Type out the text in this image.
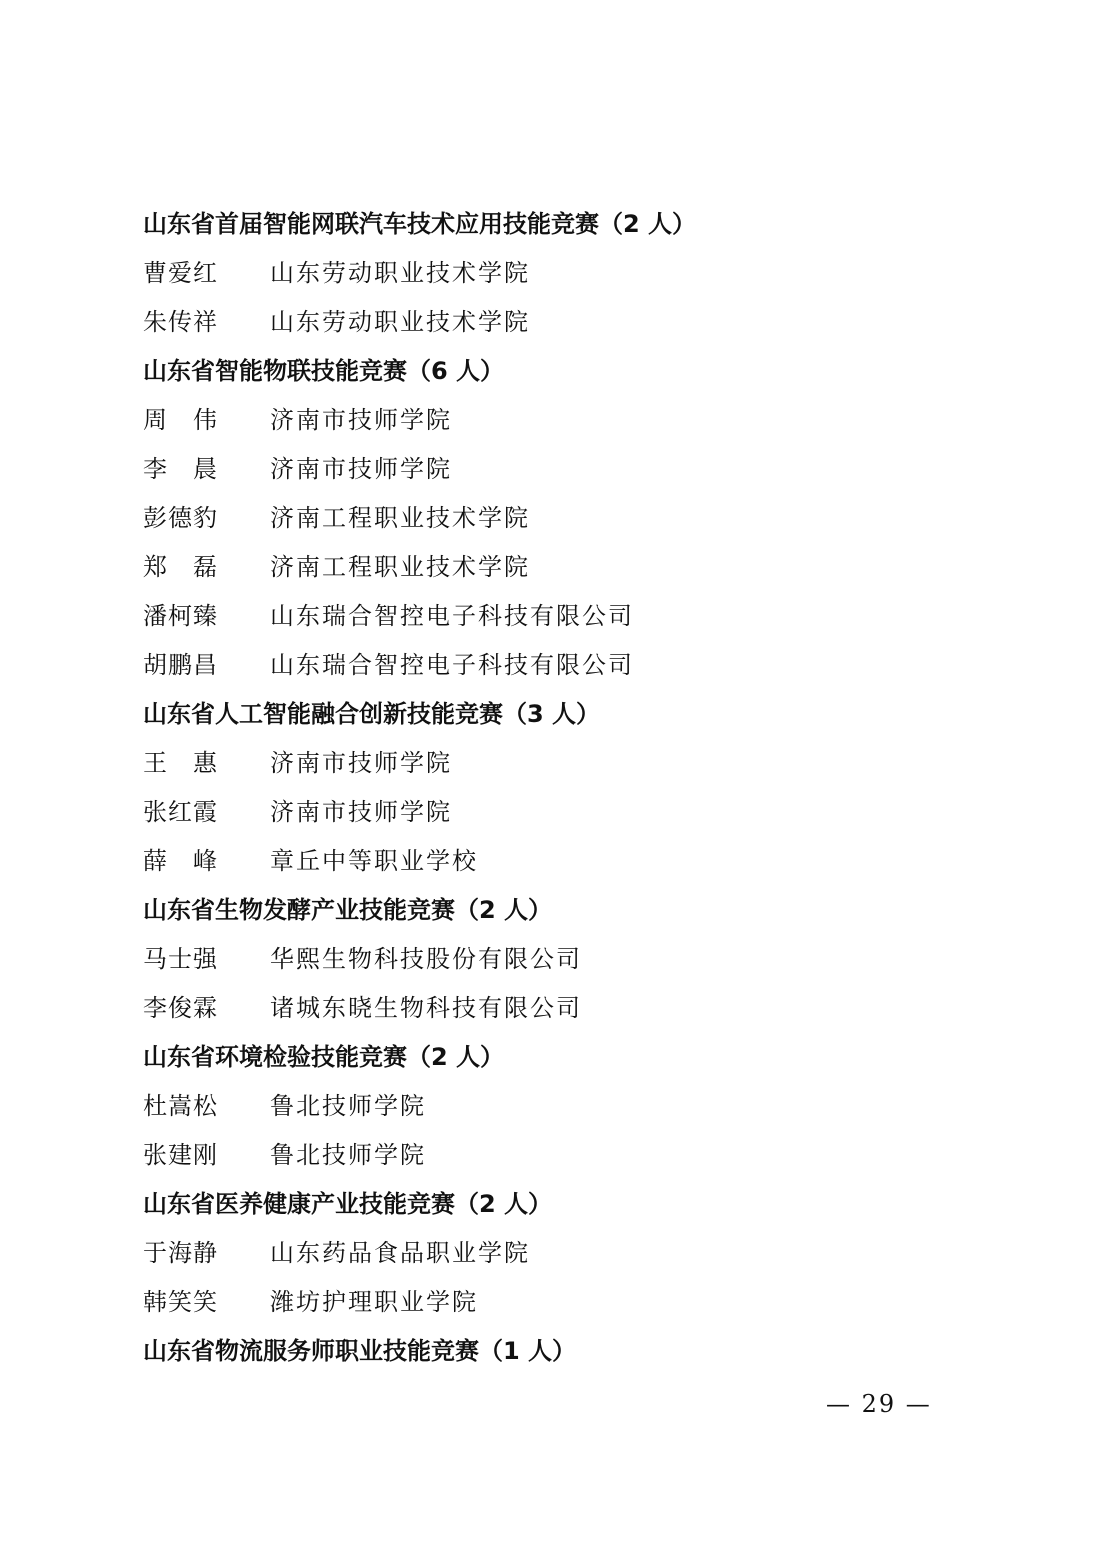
山东省首届智能网联汽车技术应用技能竞赛（2 人）
曹爱红 山东劳动职业技术学院
朱传祥 山东劳动职业技术学院
山东省智能物联技能竞赛（6 人）
周　伟 济南市技师学院
李　晨 济南市技师学院
彭德豹 济南工程职业技术学院
郑　磊 济南工程职业技术学院
潘柯臻 山东瑞合智控电子科技有限公司
胡鹏昌 山东瑞合智控电子科技有限公司
山东省人工智能融合创新技能竞赛（3 人）
王　惠 济南市技师学院
张红霞 济南市技师学院
薛　峰 章丘中等职业学校
山东省生物发酵产业技能竞赛（2 人）
马士强 华熙生物科技股份有限公司
李俊霖 诸城东晓生物科技有限公司
山东省环境检验技能竞赛（2 人）
杜嵩松 鲁北技师学院
张建刚 鲁北技师学院
山东省医养健康产业技能竞赛（2 人）
于海静 山东药品食品职业学院
韩笑笑 潍坊护理职业学院
山东省物流服务师职业技能竞赛（1 人）
— 29 —
